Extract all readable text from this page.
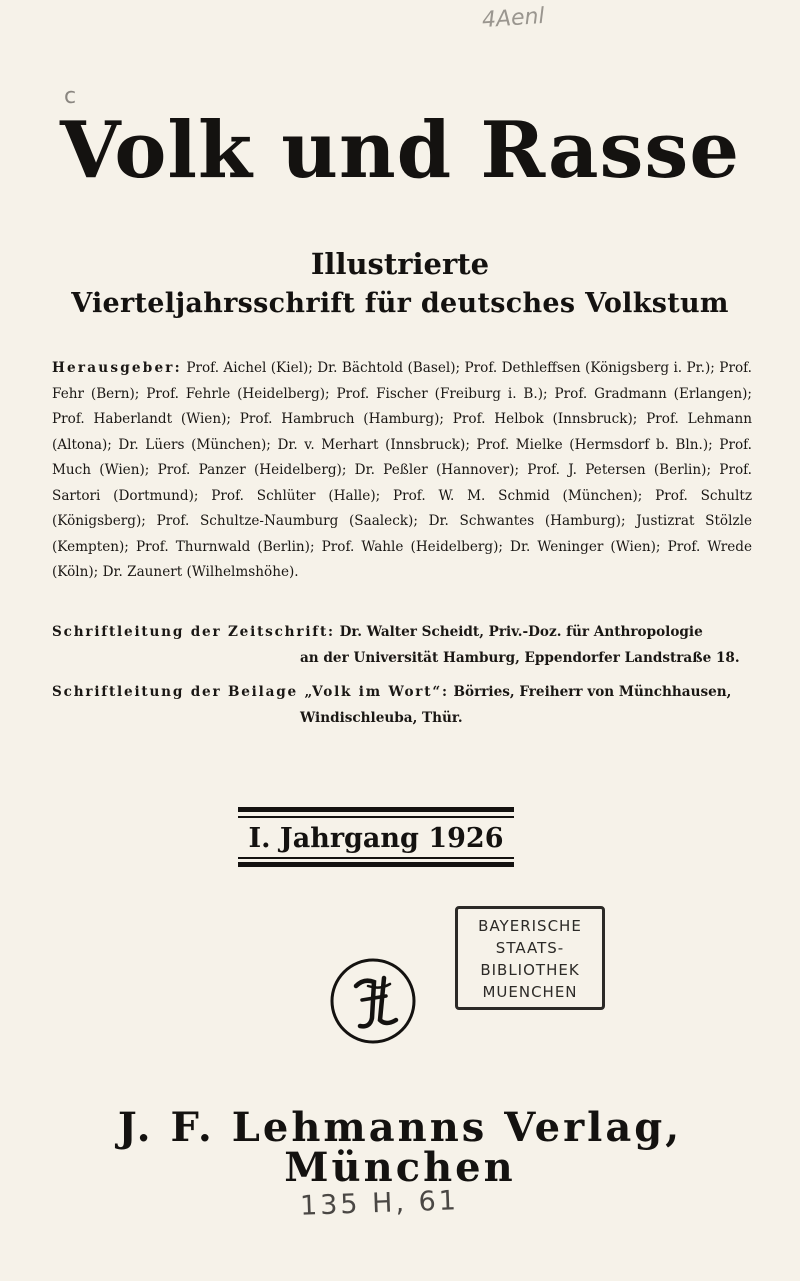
4Aenl
c
Volk und Rasse
Illustrierte
Vierteljahrsschrift für deutsches Volkstum
Herausgeber: Prof. Aichel (Kiel); Dr. Bächtold (Basel); Prof. Dethleffsen (Königsberg i. Pr.); Prof. Fehr (Bern); Prof. Fehrle (Heidelberg); Prof. Fischer (Freiburg i. B.); Prof. Gradmann (Erlangen); Prof. Haberlandt (Wien); Prof. Hambruch (Hamburg); Prof. Helbok (Innsbruck); Prof. Lehmann (Altona); Dr. Lüers (München); Dr. v. Merhart (Innsbruck); Prof. Mielke (Hermsdorf b. Bln.); Prof. Much (Wien); Prof. Panzer (Heidelberg); Dr. Peßler (Hannover); Prof. J. Petersen (Berlin); Prof. Sartori (Dortmund); Prof. Schlüter (Halle); Prof. W. M. Schmid (München); Prof. Schultz (Königsberg); Prof. Schultze-Naumburg (Saaleck); Dr. Schwantes (Hamburg); Justizrat Stölzle (Kempten); Prof. Thurnwald (Berlin); Prof. Wahle (Heidelberg); Dr. Weninger (Wien); Prof. Wrede (Köln); Dr. Zaunert (Wilhelmshöhe).
Schriftleitung der Zeitschrift: Dr. Walter Scheidt, Priv.-Doz. für Anthropologie

an der Universität Hamburg, Eppendorfer Landstraße 18.
Schriftleitung der Beilage „Volk im Wort“: Börries, Freiherr von Münchhausen,

Windischleuba, Thür.
I. Jahrgang 1926
BAYERISCHE
STAATS-
BIBLIOTHEK
MUENCHEN
J. F. Lehmanns Verlag, München
135 H, 61
